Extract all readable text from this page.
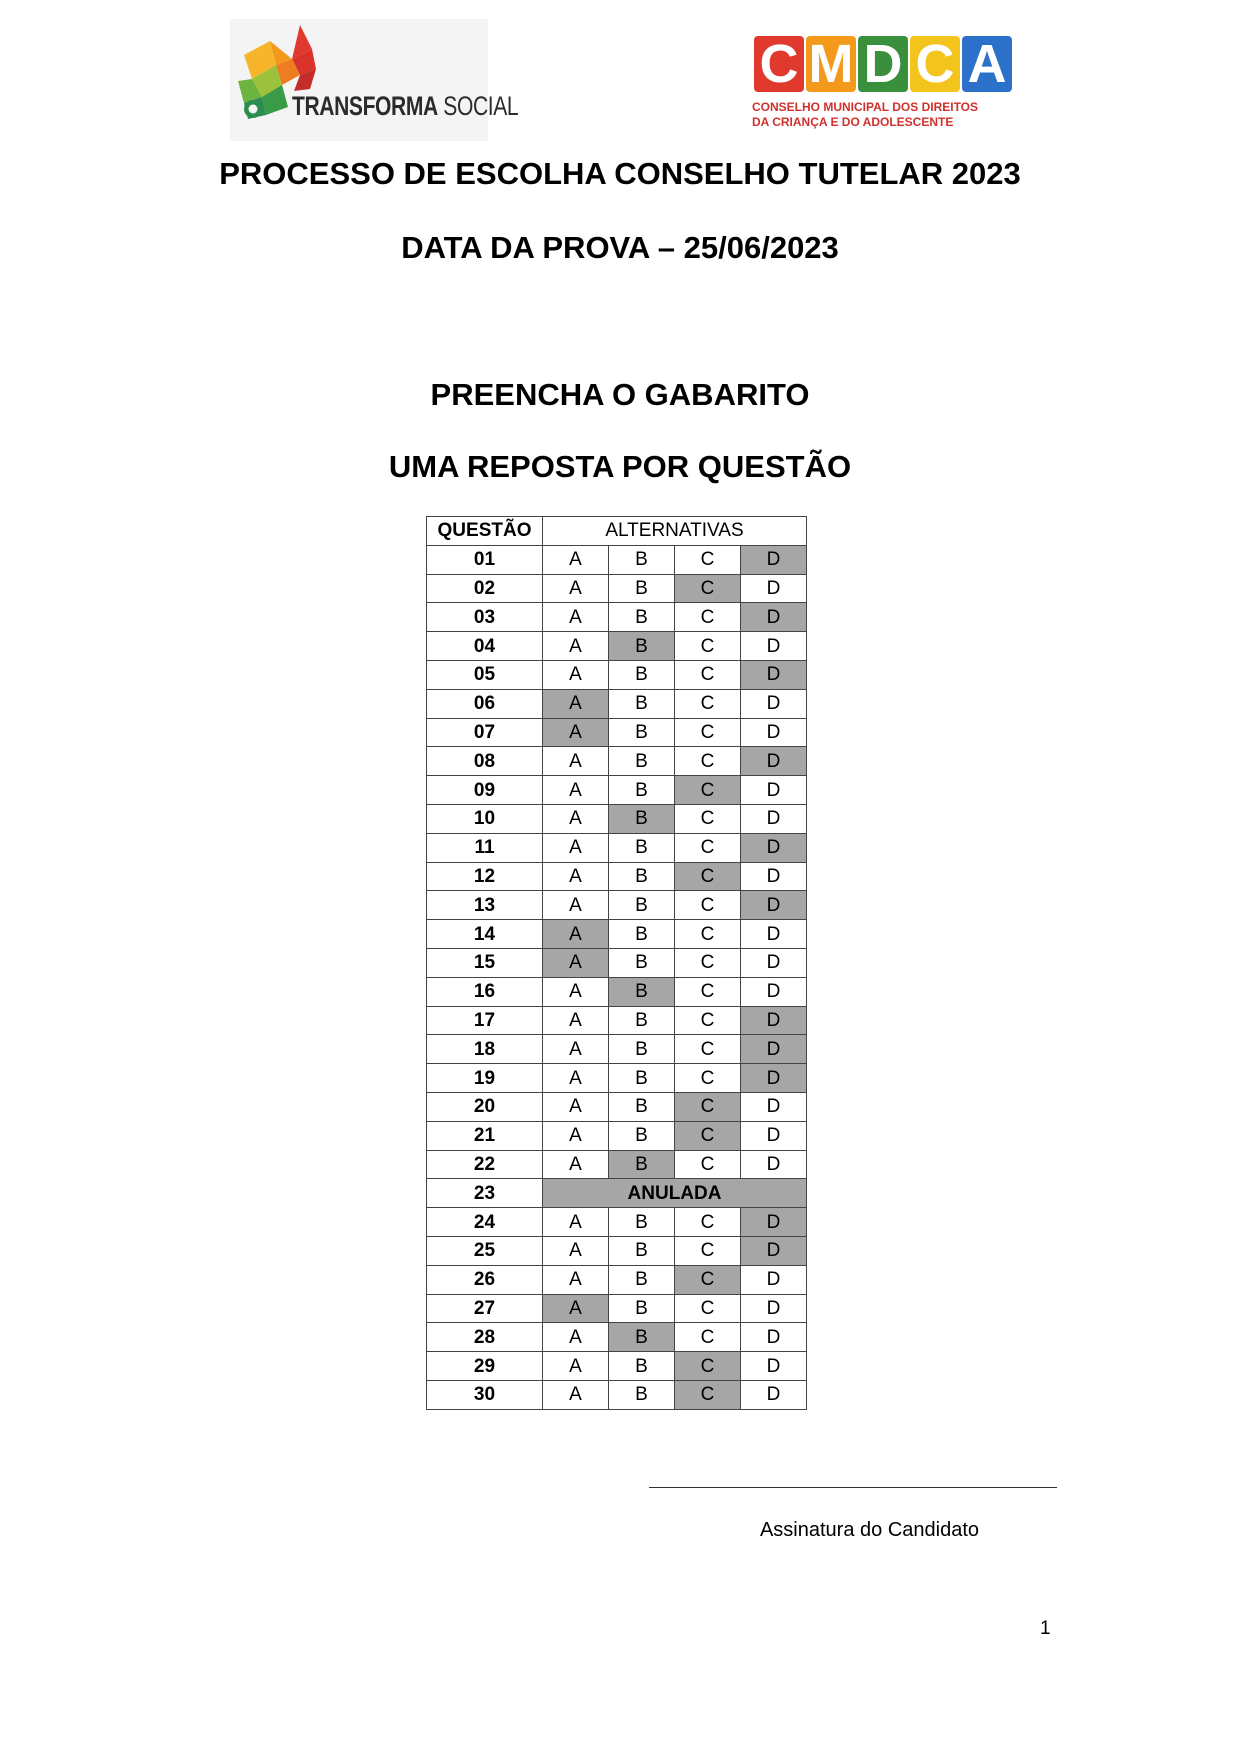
TRANSFORMA SOCIAL
C M D C A
CONSELHO MUNICIPAL DOS DIREITOS
DA CRIANÇA E DO ADOLESCENTE
PROCESSO DE ESCOLHA CONSELHO TUTELAR 2023
DATA DA PROVA – 25/06/2023
PREENCHA O GABARITO
UMA REPOSTA POR QUESTÃO
QUESTÃO	ALTERNATIVAS			
01	A	B	C	D
02	A	B	C	D
03	A	B	C	D
04	A	B	C	D
05	A	B	C	D
06	A	B	C	D
07	A	B	C	D
08	A	B	C	D
09	A	B	C	D
10	A	B	C	D
11	A	B	C	D
12	A	B	C	D
13	A	B	C	D
14	A	B	C	D
15	A	B	C	D
16	A	B	C	D
17	A	B	C	D
18	A	B	C	D
19	A	B	C	D
20	A	B	C	D
21	A	B	C	D
22	A	B	C	D
23	ANULADA			
24	A	B	C	D
25	A	B	C	D
26	A	B	C	D
27	A	B	C	D
28	A	B	C	D
29	A	B	C	D
30	A	B	C	D
Assinatura do Candidato
1
